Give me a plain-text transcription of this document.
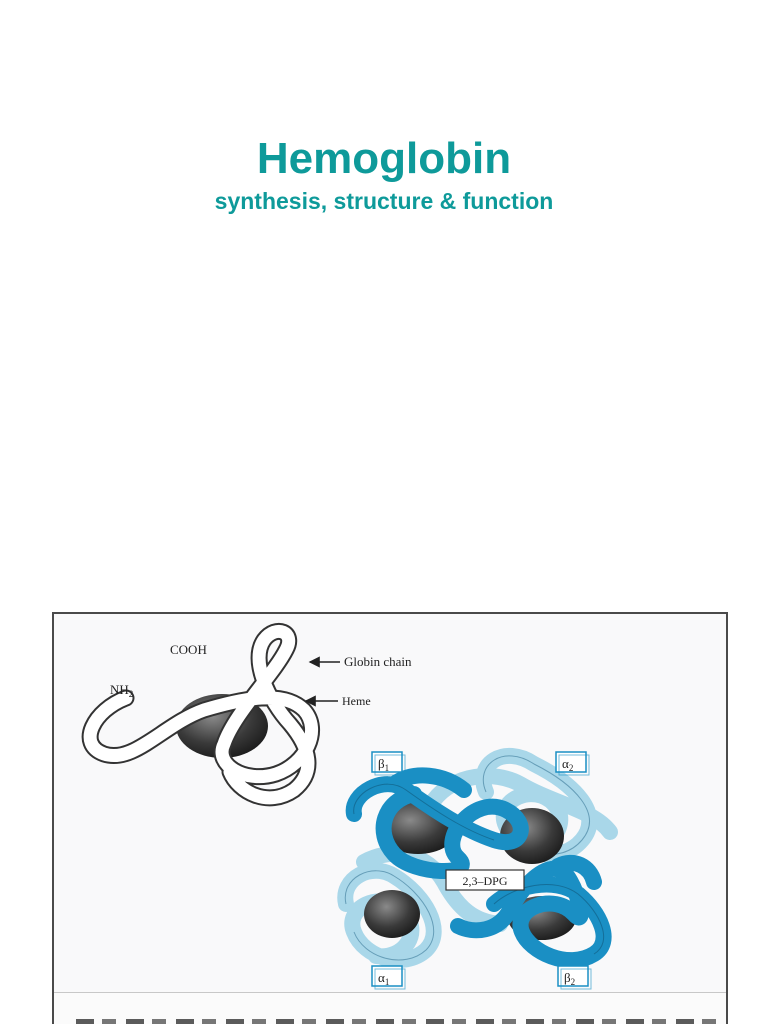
Hemoglobin
synthesis, structure & function
COOH
$NH_2$
Globin chain
Heme
$\beta_1$	$\alpha_2$
$\alpha_1$	$\beta_2$
2,3–DPG
